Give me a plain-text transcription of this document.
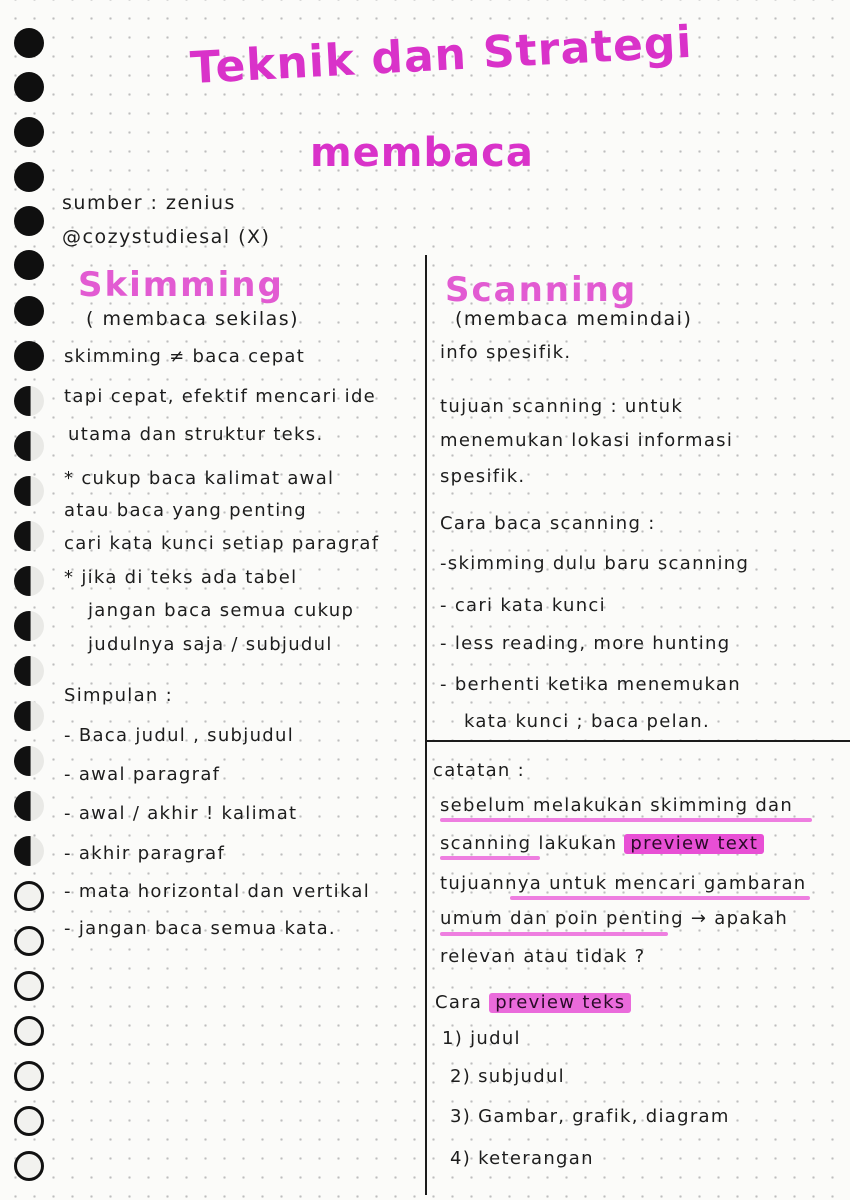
Teknik dan Strategi
membaca
sumber : zenius
@cozystudiesal (X)
Skimming
( membaca sekilas)
skimming ≠ baca cepat
tapi cepat, efektif mencari ide
utama dan struktur teks.
* cukup baca kalimat awal
atau baca yang penting
cari kata kunci setiap paragraf
* jika di teks ada tabel
jangan baca semua cukup
judulnya saja / subjudul
Simpulan :
- Baca judul , subjudul
- awal paragraf
- awal / akhir ! kalimat
- akhir paragraf
- mata horizontal dan vertikal
- jangan baca semua kata.
Scanning
(membaca memindai)
info spesifik.
tujuan scanning : untuk
menemukan lokasi informasi
spesifik.
Cara baca scanning :
-skimming dulu baru scanning
- cari kata kunci
- less reading, more hunting
- berhenti ketika menemukan
kata kunci ; baca pelan.
catatan :
sebelum melakukan skimming dan
scanning lakukan preview text
tujuannya untuk mencari gambaran
umum dan poin penting → apakah
relevan atau tidak ?
Cara preview teks
1) judul
2) subjudul
3) Gambar, grafik, diagram
4) keterangan
